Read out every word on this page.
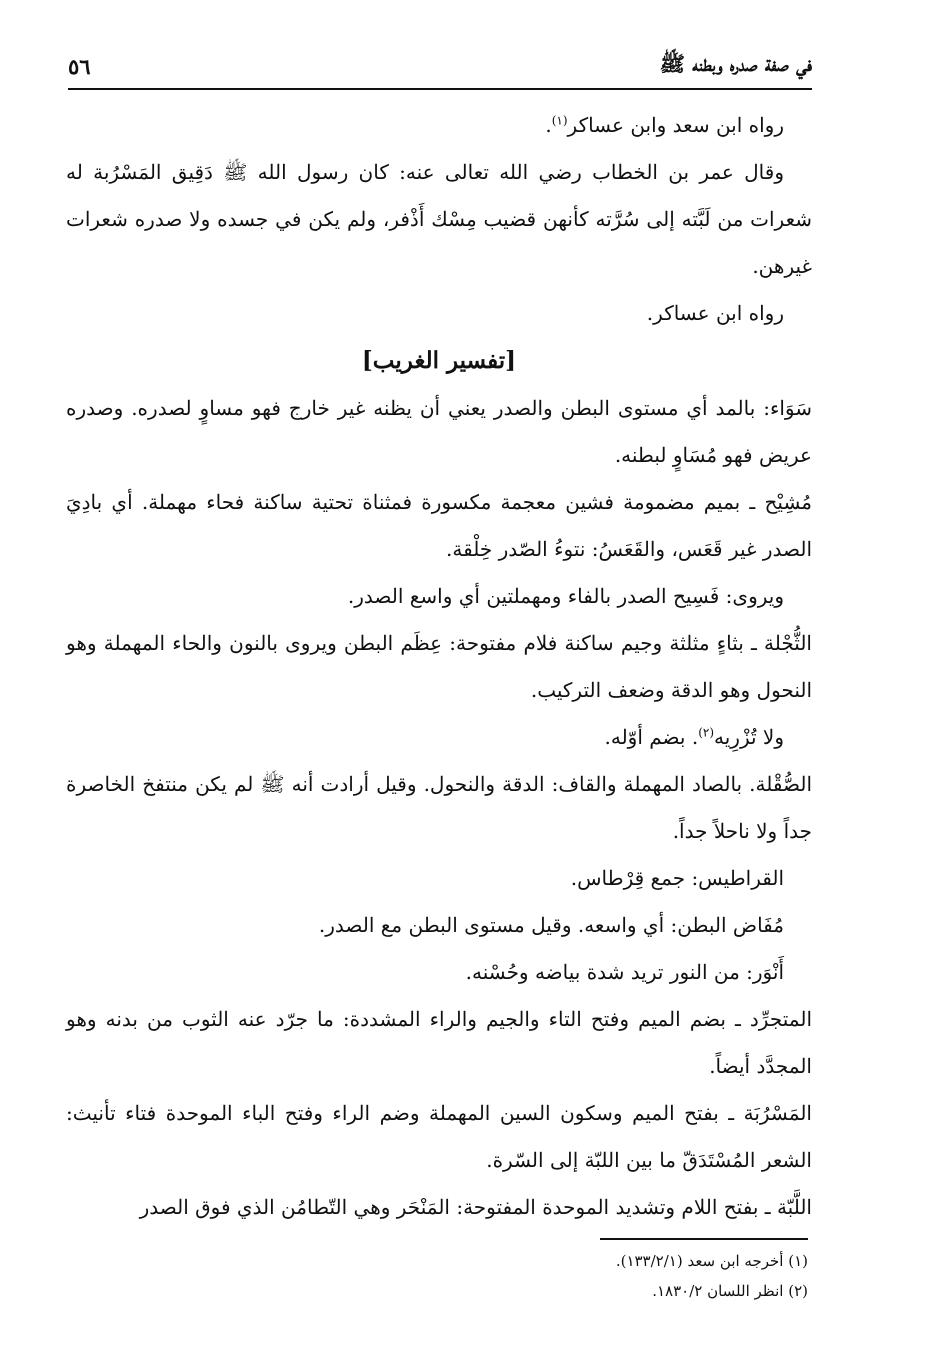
في صفة صدره وبطنه ﷺ
٥٦

رواه ابن سعد وابن عساكر$^{(١)}$.

وقال عمر بن الخطاب رضي الله تعالى عنه: كان رسول الله ﷺ دَقِيق المَسْرُبة له شعرات من لَبَّته إلى سُرَّته كأنهن قضيب مِسْك أَذْفر، ولم يكن في جسده ولا صدره شعرات غيرهن.

رواه ابن عساكر.

[تفسير الغريب]

سَوَاء: بالمد أي مستوى البطن والصدر يعني أن يظنه غير خارج فهو مساوٍ لصدره. وصدره عريض فهو مُسَاوٍ لبطنه.

مُشِيْح ـ بميم مضمومة فشين معجمة مكسورة فمثناة تحتية ساكنة فحاء مهملة. أي بادِيَ الصدر غير قَعَس، والقَعَسُ: نتوءُ الصّدر خِلْقة.

ويروى: فَسِيح الصدر بالفاء ومهملتين أي واسع الصدر.

الثُّجْلة ـ بثاءٍ مثلثة وجيم ساكنة فلام مفتوحة: عِظَم البطن ويروى بالنون والحاء المهملة وهو النحول وهو الدقة وضعف التركيب.

ولا تُزْرِيه$^{(٢)}$. بضم أوّله.

الصُّقْلة. بالصاد المهملة والقاف: الدقة والنحول. وقيل أرادت أنه ﷺ لم يكن منتفخ الخاصرة جداً ولا ناحلاً جداً.

القراطيس: جمع قِرْطاس.

مُفَاض البطن: أي واسعه. وقيل مستوى البطن مع الصدر.

أَنْوَر: من النور تريد شدة بياضه وحُسْنه.

المتجرِّد ـ بضم الميم وفتح التاء والجيم والراء المشددة: ما جرّد عنه الثوب من بدنه وهو المجدَّد أيضاً.

المَسْرُبَة ـ بفتح الميم وسكون السين المهملة وضم الراء وفتح الباء الموحدة فتاء تأنيث: الشعر المُسْتَدَقّ ما بين اللبّة إلى السّرة.

اللَّبّة ـ بفتح اللام وتشديد الموحدة المفتوحة: المَنْحَر وهي التّطامُن الذي فوق الصدر

(١) أخرجه ابن سعد (١٣٣/٢/١).

(٢) انظر اللسان ١٨٣٠/٢.
